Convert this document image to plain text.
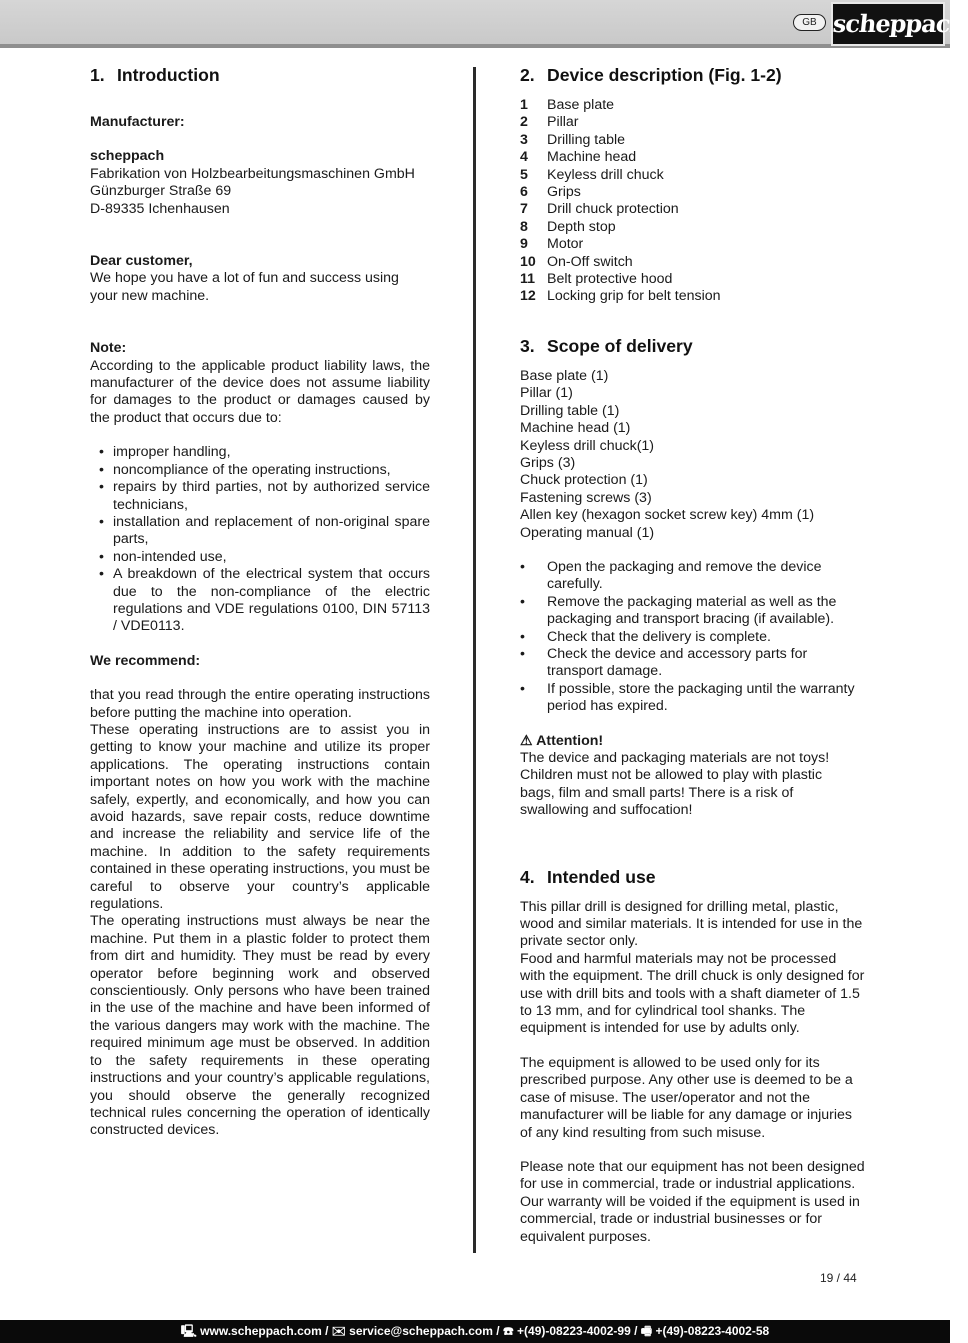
GB scheppach
1. Introduction

Manufacturer:

scheppach

Fabrikation von Holzbearbeitungsmaschinen GmbH

Günzburger Straße 69

D-89335 Ichenhausen

Dear customer,

We hope you have a lot of fun and success using your new machine.

Note:

According to the applicable product liability laws, the manufacturer of the device does not assume liability for damages to the product or damages caused by the product that occurs due to:

• improper handling,
• noncompliance of the operating instructions,
• repairs by third parties, not by authorized service technicians,
• installation and replacement of non-original spare parts,
• non-intended use,
• A breakdown of the electrical system that occurs due to the non-compliance of the electric regulations and VDE regulations 0100, DIN 57113 / VDE0113.

We recommend:

that you read through the entire operating instructions before putting the machine into operation.

These operating instructions are to assist you in getting to know your machine and utilize its proper applications. The operating instructions contain important notes on how you work with the machine safely, expertly, and economically, and how you can avoid hazards, save repair costs, reduce downtime and increase the reliability and service life of the machine. In addition to the safety requirements contained in these operating instructions, you must be careful to observe your country’s applicable regulations.

The operating instructions must always be near the machine. Put them in a plastic folder to protect them from dirt and humidity. They must be read by every operator before beginning work and observed conscientiously. Only persons who have been trained in the use of the machine and have been informed of the various dangers may work with the machine. The required minimum age must be observed. In addition to the safety requirements in these operating instructions and your country’s applicable regulations, you should observe the generally recognized technical rules concerning the operation of identically constructed devices.

2. Device description (Fig. 1-2)
1	Base plate
2	Pillar
3	Drilling table
4	Machine head
5	Keyless drill chuck
6	Grips
7	Drill chuck protection
8	Depth stop
9	Motor
10 On-Off switch
11 Belt protective hood
12 Locking grip for belt tension
3. Scope of delivery
Base plate (1)
Pillar (1)
Drilling table (1)
Machine head (1)
Keyless drill chuck(1)
Grips (3)
Chuck protection (1)
Fastening screws (3)
Allen key (hexagon socket screw key) 4mm (1)
Operating manual (1)
• Open the packaging and remove the device carefully.
• Remove the packaging material as well as the packaging and transport bracing (if available).
• Check that the delivery is complete.
• Check the device and accessory parts for transport damage.
• If possible, store the packaging until the warranty period has expired.

⚠ Attention!

The device and packaging materials are not toys! Children must not be allowed to play with plastic bags, film and small parts! There is a risk of swallowing and suffocation!

4. Intended use

This pillar drill is designed for drilling metal, plastic, wood and similar materials. It is intended for use in the private sector only.

Food and harmful materials may not be processed with the equipment. The drill chuck is only designed for use with drill bits and tools with a shaft diameter of 1.5 to 13 mm, and for cylindrical tool shanks. The equipment is intended for use by adults only.

The equipment is allowed to be used only for its prescribed purpose. Any other use is deemed to be a case of misuse. The user/operator and not the manufacturer will be liable for any damage or injuries of any kind resulting from such misuse.

Please note that our equipment has not been designed for use in commercial, trade or industrial applications. Our warranty will be voided if the equipment is used in commercial, trade or industrial businesses or for equivalent purposes.

19 / 44
🖳 www.scheppach.com / ✉ service@scheppach.com / ☎ +(49)-08223-4002-99 / 🖷 +(49)-08223-4002-58
